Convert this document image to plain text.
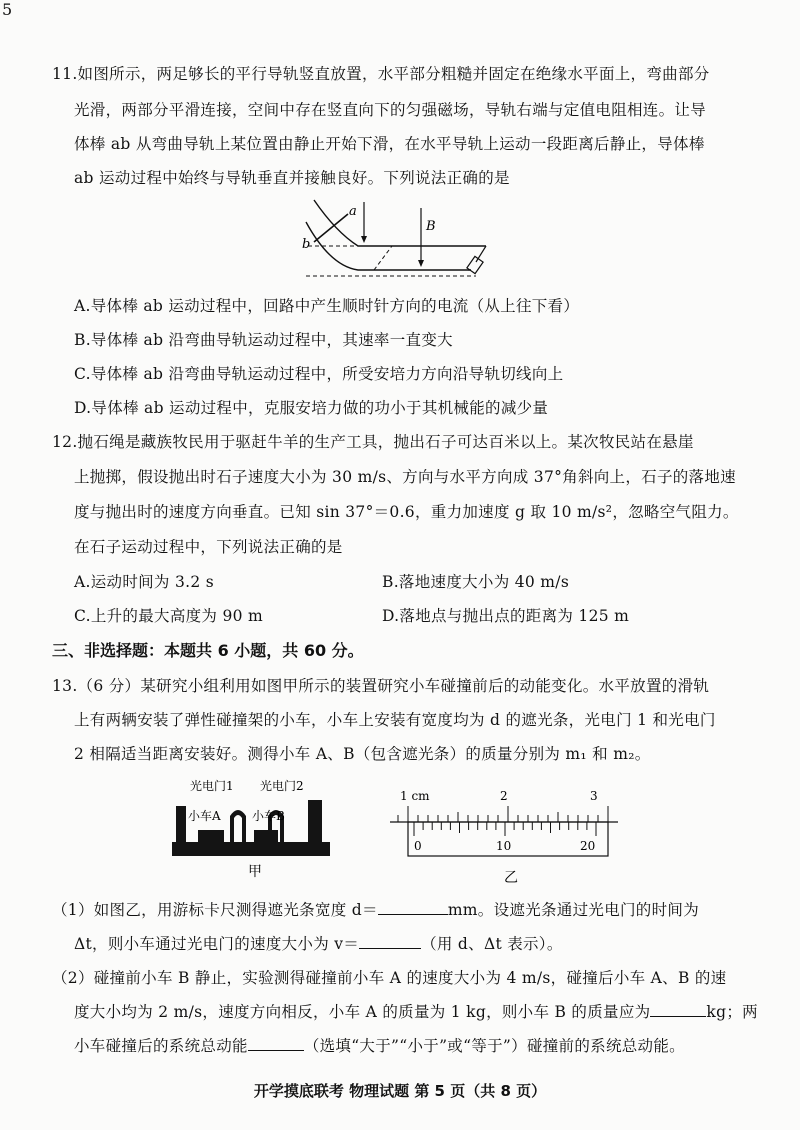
5
11.如图所示，两足够长的平行导轨竖直放置，水平部分粗糙并固定在绝缘水平面上，弯曲部分
光滑，两部分平滑连接，空间中存在竖直向下的匀强磁场，导轨右端与定值电阻相连。让导
体棒 ab 从弯曲导轨上某位置由静止开始下滑，在水平导轨上运动一段距离后静止，导体棒
ab 运动过程中始终与导轨垂直并接触良好。下列说法正确的是
a
b
B
A.导体棒 ab 运动过程中，回路中产生顺时针方向的电流（从上往下看）
B.导体棒 ab 沿弯曲导轨运动过程中，其速率一直变大
C.导体棒 ab 沿弯曲导轨运动过程中，所受安培力方向沿导轨切线向上
D.导体棒 ab 运动过程中，克服安培力做的功小于其机械能的减少量
12.抛石绳是藏族牧民用于驱赶牛羊的生产工具，抛出石子可达百米以上。某次牧民站在悬崖
上抛掷，假设抛出时石子速度大小为 30 m/s、方向与水平方向成 37°角斜向上，石子的落地速
度与抛出时的速度方向垂直。已知 sin 37°＝0.6，重力加速度 g 取 10 m/s²，忽略空气阻力。
在石子运动过程中，下列说法正确的是
A.运动时间为 3.2 s	B.落地速度大小为 40 m/s
C.上升的最大高度为 90 m	D.落地点与抛出点的距离为 125 m
三、非选择题：本题共 6 小题，共 60 分。
13.（6 分）某研究小组利用如图甲所示的装置研究小车碰撞前后的动能变化。水平放置的滑轨
上有两辆安装了弹性碰撞架的小车，小车上安装有宽度均为 d 的遮光条，光电门 1 和光电门
2 相隔适当距离安装好。测得小车 A、B（包含遮光条）的质量分别为 m₁ 和 m₂。
光电门1 光电门2
小车A	小车B
甲
1 cm	2	3
0	10	20
乙
（1）如图乙，用游标卡尺测得遮光条宽度 d＝	mm。设遮光条通过光电门的时间为
Δt，则小车通过光电门的速度大小为 v＝	（用 d、Δt 表示）。
（2）碰撞前小车 B 静止，实验测得碰撞前小车 A 的速度大小为 4 m/s，碰撞后小车 A、B 的速
度大小均为 2 m/s，速度方向相反，小车 A 的质量为 1 kg，则小车 B 的质量应为	kg；两
小车碰撞后的系统总动能	（选填“大于”“小于”或“等于”）碰撞前的系统总动能。
开学摸底联考 物理试题 第 5 页（共 8 页）
